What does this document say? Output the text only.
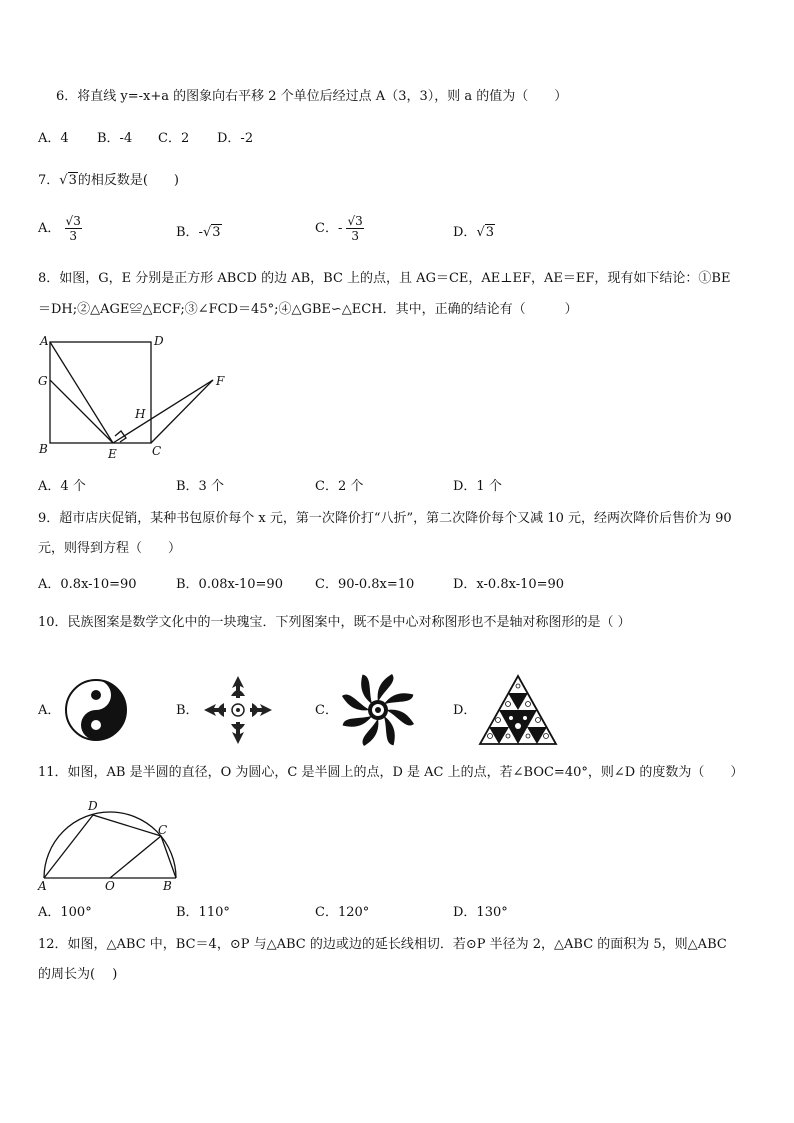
6．将直线 y=-x+a 的图象向右平移 2 个单位后经过点 A（3，3），则 a 的值为（　　）
A．4 B．-4 C．2 D．-2
7．√3的相反数是(　　)
A． $\frac{√3}{3}$	B．-√3	C．- $\frac{√3}{3}$	D．√3
8．如图，G，E 分别是正方形 ABCD 的边 AB，BC 上的点，且 AG＝CE，AE⊥EF，AE＝EF，现有如下结论：①BE
＝DH;②△AGE≌△ECF;③∠FCD＝45°;④△GBE∽△ECH．其中，正确的结论有（　　　）
A	D
G	F
H
B	E	C
A．4 个	B．3 个	C．2 个	D．1 个
9．超市店庆促销，某种书包原价每个 x 元，第一次降价打“八折”，第二次降价每个又减 10 元，经两次降价后售价为 90
元，则得到方程（　　）
A．0.8x-10=90	B．0.08x-10=90 C．90-0.8x=10	D．x-0.8x-10=90
10．民族图案是数学文化中的一块瑰宝．下列图案中，既不是中心对称图形也不是轴对称图形的是（ ）
A．	B．	C．	D．
11．如图，AB 是半圆的直径，O 为圆心，C 是半圆上的点，D 是 AC 上的点，若∠BOC=40°，则∠D 的度数为（　　）
D
C
A	O	B
A．100°	B．110°	C．120°	D．130°
12．如图，△ABC 中，BC＝4，⊙P 与△ABC 的边或边的延长线相切．若⊙P 半径为 2，△ABC 的面积为 5，则△ABC
的周长为(　 )
